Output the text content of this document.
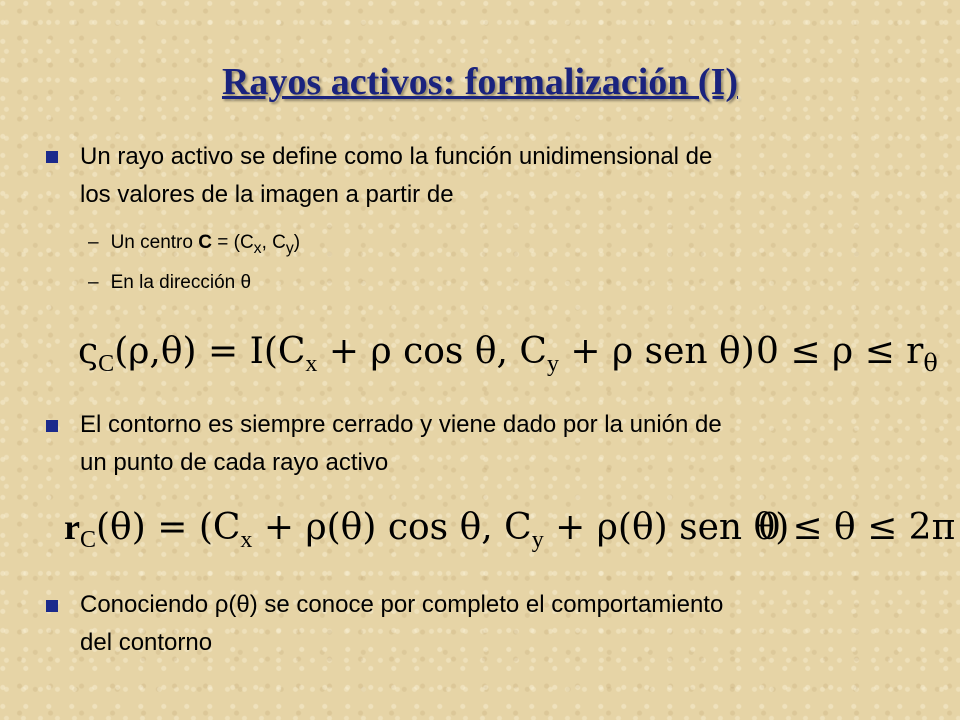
Rayos activos: formalización (I)
Un rayo activo se define como la función unidimensional de
los valores de la imagen a partir de
– Un centro $C = (C_x$, $C_y$)
– En la dirección θ
$\varsigma_C(\rho,\theta) = I(C_x + \rho$ cos θ, $C_y + \rho$ sen θ) $0 \le \rho \le r_\theta$
El contorno es siempre cerrado y viene dado por la unión de
un punto de cada rayo activo
$r_C(\theta) = (C_x + \rho(\theta)$ cos θ, $C_y + \rho(\theta)$ sen θ)
0 ≤ θ ≤ 2π
Conociendo ρ(θ) se conoce por completo el comportamiento
del contorno
